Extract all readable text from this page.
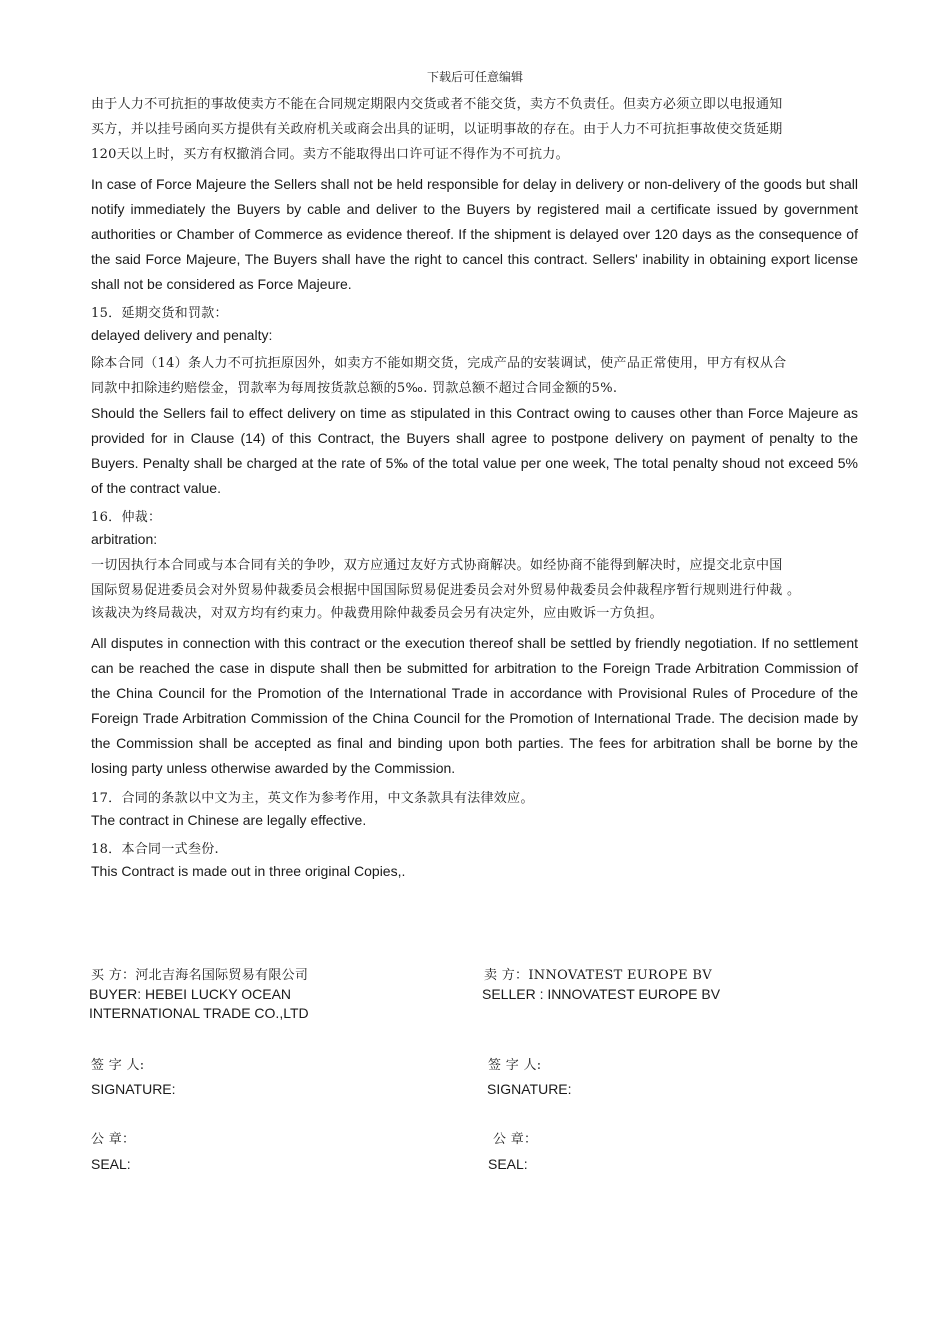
下载后可任意编辑
由于人力不可抗拒的事故使卖方不能在合同规定期限内交货或者不能交货，卖方不负责任。但卖方必须立即以电报通知
买方，并以挂号函向买方提供有关政府机关或商会出具的证明，以证明事故的存在。由于人力不可抗拒事故使交货延期
120天以上时，买方有权撤消合同。卖方不能取得出口许可证不得作为不可抗力。

In case of Force Majeure the Sellers shall not be held responsible for delay in delivery or non-delivery of the goods but shall notify immediately the Buyers by cable and deliver to the Buyers by registered mail a certificate issued by government authorities or Chamber of Commerce as evidence thereof. If the shipment is delayed over 120 days as the consequence of the said Force Majeure, The Buyers shall have the right to cancel this contract. Sellers' inability in obtaining export license shall not be considered as Force Majeure.

15．延期交货和罚款：
delayed delivery and penalty:
除本合同（14）条人力不可抗拒原因外，如卖方不能如期交货，完成产品的安装调试，使产品正常使用，甲方有权从合
同款中扣除违约赔偿金，罚款率为每周按货款总额的5‰. 罚款总额不超过合同金额的5%.

Should the Sellers fail to effect delivery on time as stipulated in this Contract owing to causes other than Force Majeure as provided for in Clause (14) of this Contract, the Buyers shall agree to postpone delivery on payment of penalty to the Buyers. Penalty shall be charged at the rate of 5‰ of the total value per one week, The total penalty shoud not exceed 5% of the contract value.

16．仲裁：
arbitration:
一切因执行本合同或与本合同有关的争吵，双方应通过友好方式协商解决。如经协商不能得到解决时，应提交北京中国
国际贸易促进委员会对外贸易仲裁委员会根据中国国际贸易促进委员会对外贸易仲裁委员会仲裁程序暂行规则进行仲裁 。
该裁决为终局裁决，对双方均有约束力。仲裁费用除仲裁委员会另有决定外，应由败诉一方负担。

All disputes in connection with this contract or the execution thereof shall be settled by friendly negotiation. If no settlement can be reached the case in dispute shall then be submitted for arbitration to the Foreign Trade Arbitration Commission of the China Council for the Promotion of the International Trade in accordance with Provisional Rules of Procedure of the Foreign Trade Arbitration Commission of the China Council for the Promotion of International Trade. The decision made by the Commission shall be accepted as final and binding upon both parties. The fees for arbitration shall be borne by the losing party unless otherwise awarded by the Commission.

17．合同的条款以中文为主，英文作为参考作用，中文条款具有法律效应。
The contract in Chinese are legally effective.
18．本合同一式叁份.
This Contract is made out in three original Copies,.
买 方：河北吉海名国际贸易有限公司
BUYER: HEBEI LUCKY OCEAN
INTERNATIONAL TRADE CO.,LTD
签 字 人:
SIGNATURE:
公 章：
SEAL:
卖 方：INNOVATEST EUROPE BV
SELLER : INNOVATEST EUROPE BV
签 字 人:
SIGNATURE:
公 章：
SEAL:
